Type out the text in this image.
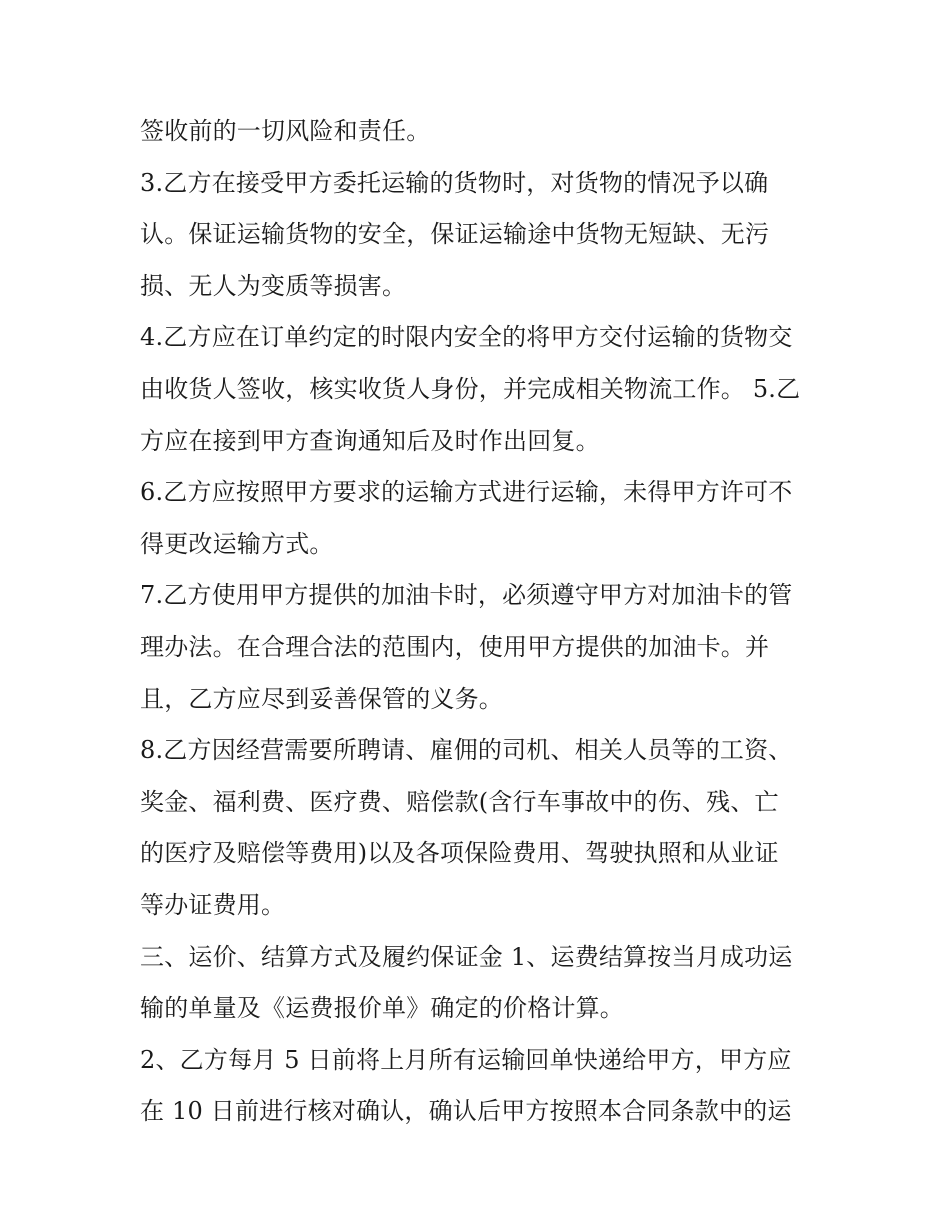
签收前的一切风险和责任。
3.乙方在接受甲方委托运输的货物时，对货物的情况予以确
认。保证运输货物的安全，保证运输途中货物无短缺、无污
损、无人为变质等损害。
4.乙方应在订单约定的时限内安全的将甲方交付运输的货物交
由收货人签收，核实收货人身份，并完成相关物流工作。 5.乙
方应在接到甲方查询通知后及时作出回复。
6.乙方应按照甲方要求的运输方式进行运输，未得甲方许可不
得更改运输方式。
7.乙方使用甲方提供的加油卡时，必须遵守甲方对加油卡的管
理办法。在合理合法的范围内，使用甲方提供的加油卡。并
且，乙方应尽到妥善保管的义务。
8.乙方因经营需要所聘请、雇佣的司机、相关人员等的工资、
奖金、福利费、医疗费、赔偿款(含行车事故中的伤、残、亡
的医疗及赔偿等费用)以及各项保险费用、驾驶执照和从业证
等办证费用。
三、运价、结算方式及履约保证金 1、运费结算按当月成功运
输的单量及《运费报价单》确定的价格计算。
2、乙方每月 5 日前将上月所有运输回单快递给甲方，甲方应
在 10 日前进行核对确认，确认后甲方按照本合同条款中的运
